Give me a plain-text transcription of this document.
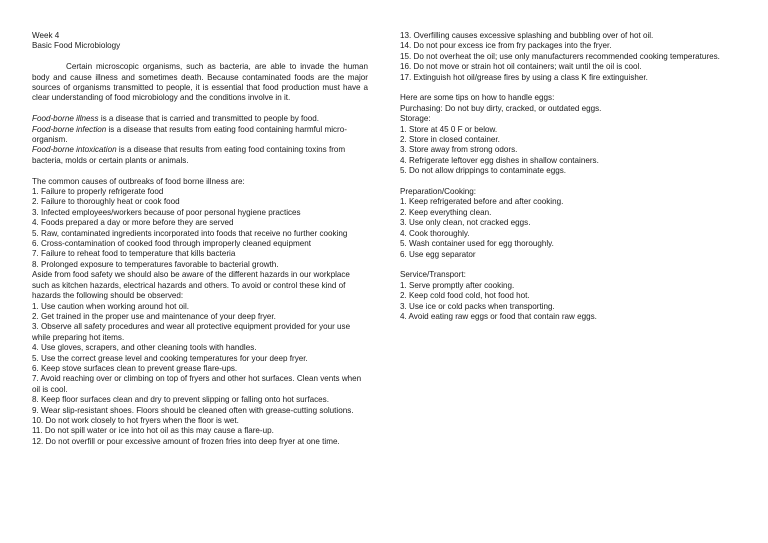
Week 4

Basic Food Microbiology

Certain microscopic organisms, such as bacteria, are able to invade the human body and cause illness and sometimes death. Because contaminated foods are the major sources of organisms transmitted to people, it is essential that food production must have a clear understanding of food microbiology and the conditions involve in it.

Food-borne illness is a disease that is carried and transmitted to people by food.

Food-borne infection is a disease that results from eating food containing harmful micro-organism.

Food-borne intoxication is a disease that results from eating food containing toxins from bacteria, molds or certain plants or animals.

The common causes of outbreaks of food borne illness are:

1. Failure to properly refrigerate food

2. Failure to thoroughly heat or cook food

3. Infected employees/workers because of poor personal hygiene practices

4. Foods prepared a day or more before they are served

5. Raw, contaminated ingredients incorporated into foods that receive no further cooking

6. Cross-contamination of cooked food through improperly cleaned equipment

7. Failure to reheat food to temperature that kills bacteria

8. Prolonged exposure to temperatures favorable to bacterial growth.

Aside from food safety we should also be aware of the different hazards in our workplace such as kitchen hazards, electrical hazards and others. To avoid or control these kind of hazards the following should be observed:

1. Use caution when working around hot oil.

2. Get trained in the proper use and maintenance of your deep fryer.

3. Observe all safety procedures and wear all protective equipment provided for your use while preparing hot items.

4. Use gloves, scrapers, and other cleaning tools with handles.

5. Use the correct grease level and cooking temperatures for your deep fryer.

6. Keep stove surfaces clean to prevent grease flare-ups.

7. Avoid reaching over or climbing on top of fryers and other hot surfaces. Clean vents when oil is cool.

8. Keep floor surfaces clean and dry to prevent slipping or falling onto hot surfaces.

9. Wear slip-resistant shoes. Floors should be cleaned often with grease-cutting solutions.

10. Do not work closely to hot fryers when the floor is wet.

11. Do not spill water or ice into hot oil as this may cause a flare-up.

12. Do not overfill or pour excessive amount of frozen fries into deep fryer at one time.

13. Overfilling causes excessive splashing and bubbling over of hot oil.

14. Do not pour excess ice from fry packages into the fryer.

15. Do not overheat the oil; use only manufacturers recommended cooking temperatures.

16. Do not move or strain hot oil containers; wait until the oil is cool.

17. Extinguish hot oil/grease fires by using a class K fire extinguisher.

Here are some tips on how to handle eggs:

Purchasing: Do not buy dirty, cracked, or outdated eggs.

Storage:

1. Store at 45 0 F or below.

2. Store in closed container.

3. Store away from strong odors.

4. Refrigerate leftover egg dishes in shallow containers.

5. Do not allow drippings to contaminate eggs.

Preparation/Cooking:

1. Keep refrigerated before and after cooking.

2. Keep everything clean.

3. Use only clean, not cracked eggs.

4. Cook thoroughly.

5. Wash container used for egg thoroughly.

6. Use egg separator

Service/Transport:

1. Serve promptly after cooking.

2. Keep cold food cold, hot food hot.

3. Use ice or cold packs when transporting.

4. Avoid eating raw eggs or food that contain raw eggs.
